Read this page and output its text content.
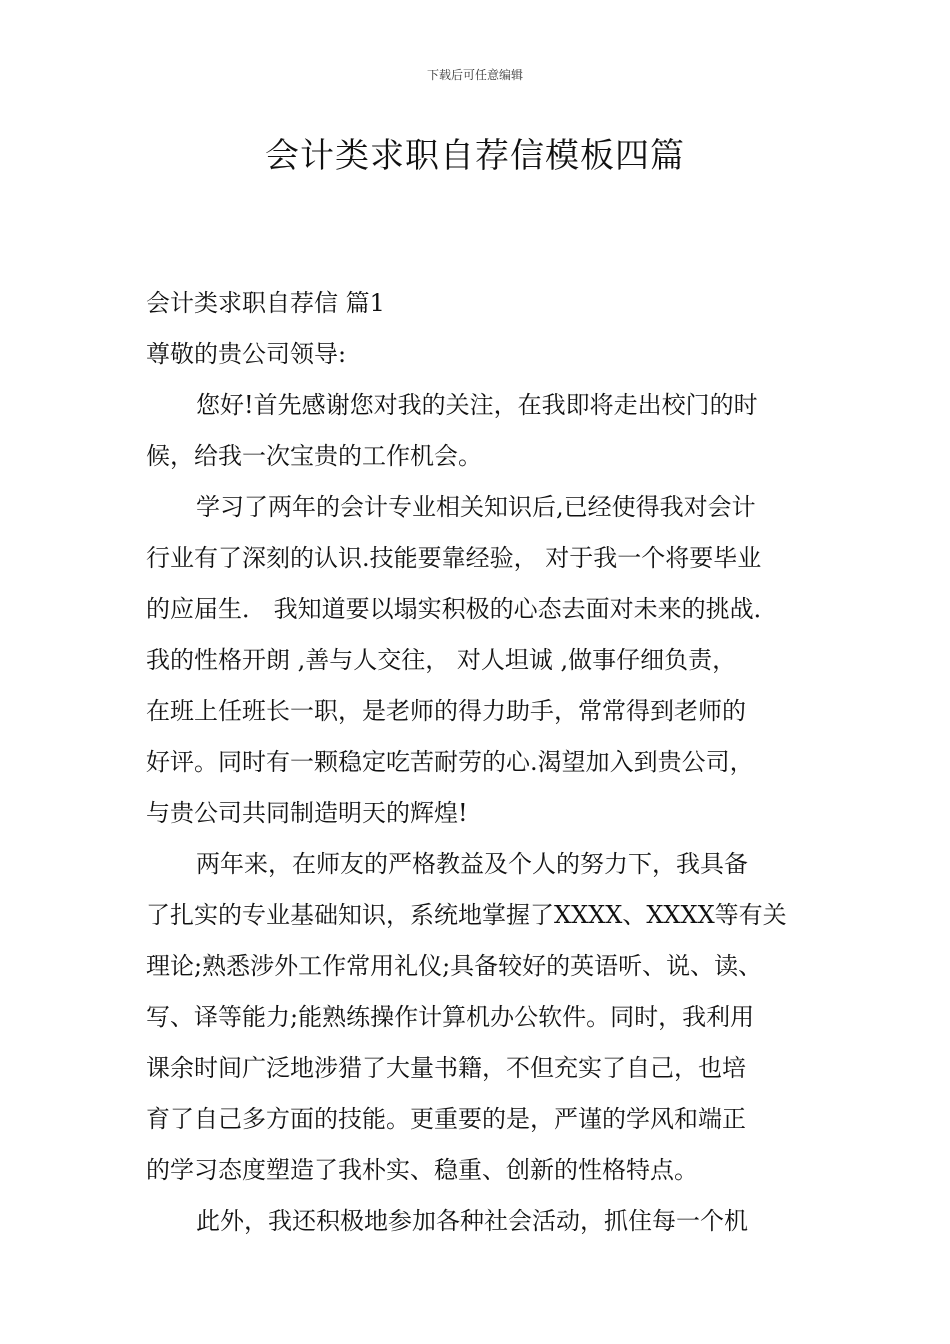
下载后可任意编辑
会计类求职自荐信模板四篇
会计类求职自荐信 篇1
尊敬的贵公司领导:
您好!首先感谢您对我的关注，在我即将走出校门的时
候，给我一次宝贵的工作机会。
学习了两年的会计专业相关知识后,已经使得我对会计
行业有了深刻的认识.技能要靠经验， 对于我一个将要毕业
的应届生． 我知道要以塌实积极的心态去面对未来的挑战．
我的性格开朗 ,善与人交往， 对人坦诚 ,做事仔细负责，
在班上任班长一职，是老师的得力助手，常常得到老师的
好评。同时有一颗稳定吃苦耐劳的心.渴望加入到贵公司，
与贵公司共同制造明天的辉煌!
两年来，在师友的严格教益及个人的努力下，我具备
了扎实的专业基础知识，系统地掌握了XXXX、XXXX等有关
理论;熟悉涉外工作常用礼仪;具备较好的英语听、说、读、
写、译等能力;能熟练操作计算机办公软件。同时，我利用
课余时间广泛地涉猎了大量书籍，不但充实了自己，也培
育了自己多方面的技能。更重要的是，严谨的学风和端正
的学习态度塑造了我朴实、稳重、创新的性格特点。
此外，我还积极地参加各种社会活动，抓住每一个机
